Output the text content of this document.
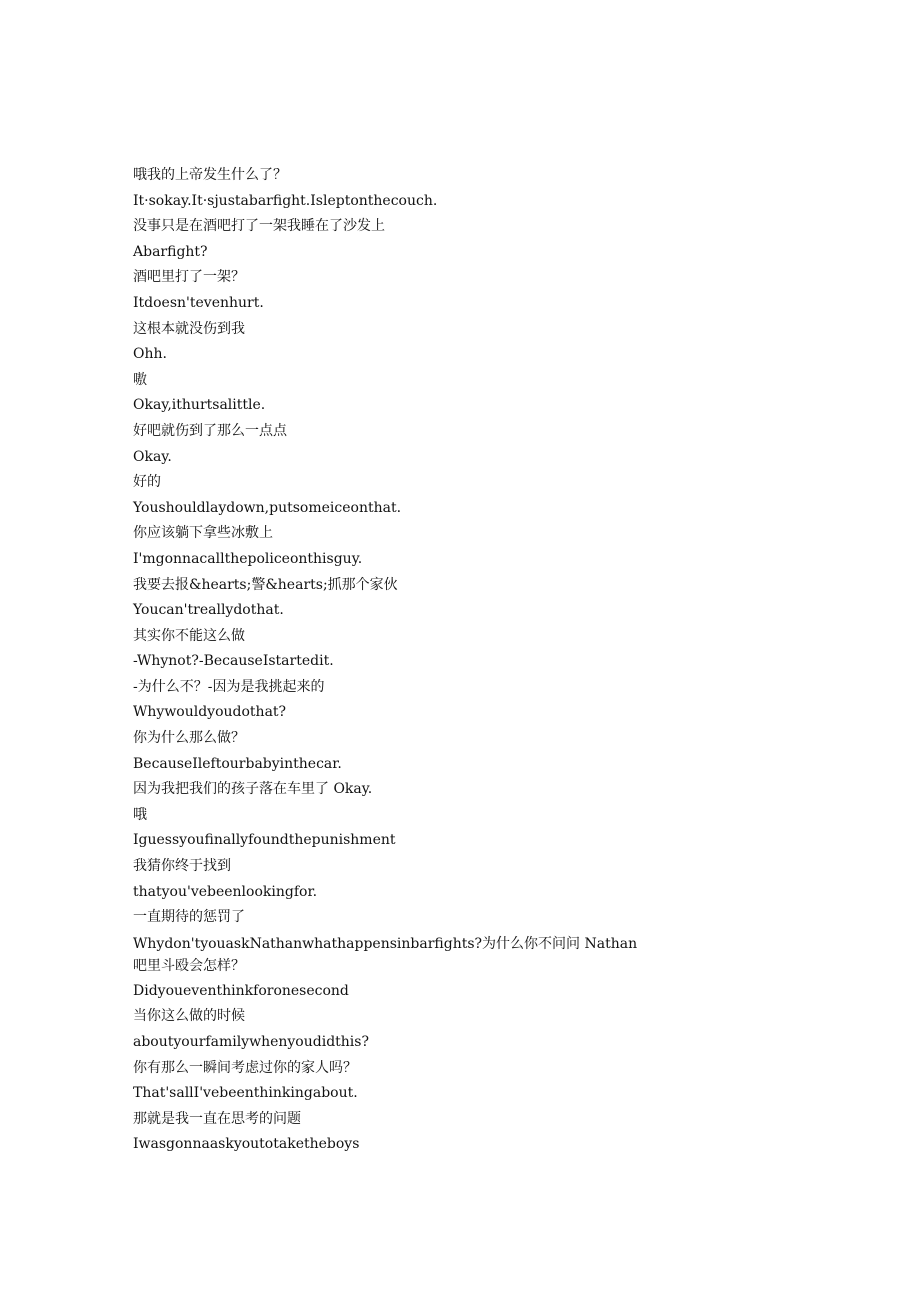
哦我的上帝发生什么了？
It·sokay.It·sjustabarfight.Isleptonthecouch.
没事只是在酒吧打了一架我睡在了沙发上
Abarfight?
酒吧里打了一架？
Itdoesn'tevenhurt.
这根本就没伤到我
Ohh.
嗷
Okay,ithurtsalittle.
好吧就伤到了那么一点点
Okay.
好的
Youshouldlaydown,putsomeiceonthat.
你应该躺下拿些冰敷上
I'mgonnacallthepoliceonthisguy.
我要去报&hearts;警&hearts;抓那个家伙
Youcan'treallydothat.
其实你不能这么做
-Whynot?-BecauseIstartedit.
-为什么不？-因为是我挑起来的
Whywouldyoudothat?
你为什么那么做？
BecauseIleftourbabyinthecar.
因为我把我们的孩子落在车里了 Okay.
哦
Iguessyoufinallyfoundthepunishment
我猜你终于找到
thatyou'vebeenlookingfor.
一直期待的惩罚了
Whydon'tyouaskNathanwhathappensinbarfights?为什么你不问问 Nathan 吧里斗殴会怎样？
Didyoueventhinkforonesecond
当你这么做的时候
aboutyourfamilywhenyoudidthis?
你有那么一瞬间考虑过你的家人吗？
That'sallI'vebeenthinkingabout.
那就是我一直在思考的问题
Iwasgonnaaskyoutotaketheboys
